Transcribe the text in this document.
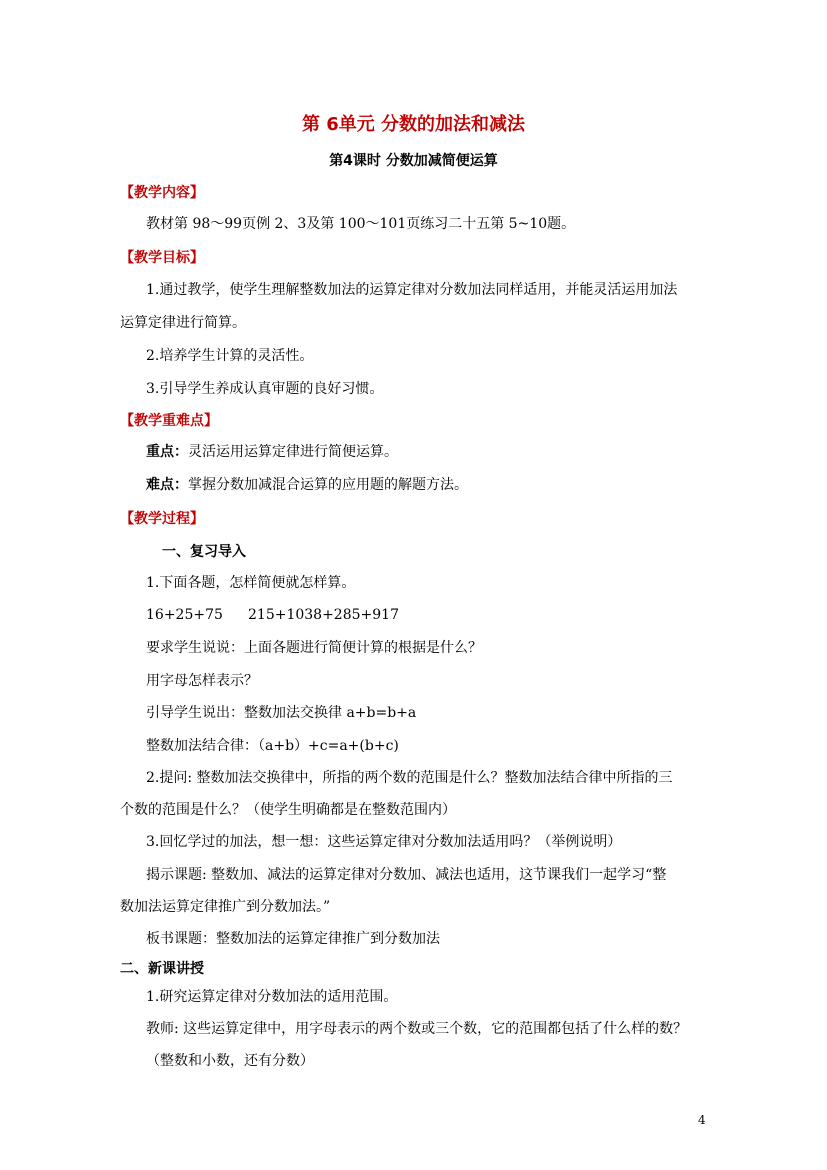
第 6单元 分数的加法和减法
第4课时 分数加减简便运算
【教学内容】
教材第 98～99页例 2、3及第 100～101页练习二十五第 5~10题。
【教学目标】
1.通过教学，使学生理解整数加法的运算定律对分数加法同样适用，并能灵活运用加法
运算定律进行简算。
2.培养学生计算的灵活性。
3.引导学生养成认真审题的良好习惯。
【教学重难点】
重点：灵活运用运算定律进行简便运算。
难点：掌握分数加减混合运算的应用题的解题方法。
【教学过程】
一、复习导入
1.下面各题，怎样简便就怎样算。
16+25+75 215+1038+285+917
要求学生说说：上面各题进行简便计算的根据是什么？
用字母怎样表示？
引导学生说出：整数加法交换律 a+b=b+a
整数加法结合律：（a+b）+c=a+(b+c)
2.提问: 整数加法交换律中，所指的两个数的范围是什么？整数加法结合律中所指的三
个数的范围是什么？（使学生明确都是在整数范围内）
3.回忆学过的加法，想一想：这些运算定律对分数加法适用吗？（举例说明）
揭示课题: 整数加、减法的运算定律对分数加、减法也适用，这节课我们一起学习“整
数加法运算定律推广到分数加法。”
板书课题：整数加法的运算定律推广到分数加法
二、新课讲授
1.研究运算定律对分数加法的适用范围。
教师: 这些运算定律中，用字母表示的两个数或三个数，它的范围都包括了什么样的数？
（整数和小数，还有分数）
4
